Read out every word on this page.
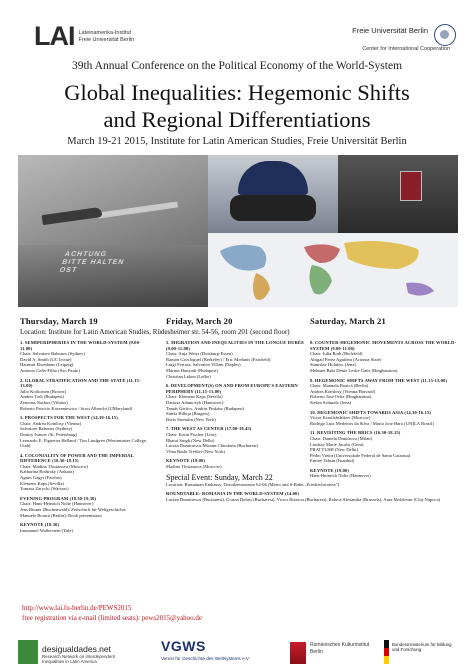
LAI Lateinamerika-Institut
Freie Universität Berlin
Freie Universität Berlin
Center for International Cooperation
39th Annual Conference on the Political Economy of the World-System
Global Inequalities: Hegemonic Shifts
and Regional Differentiations
March 19-21 2015, Institute for Latin American Studies, Freie Universität Berlin
ACHTUNG
BITTE HALTEN
OST
Thursday, March 19
Location: Institute for Latin American Studies, Rüdesheimer str. 54-56, room 201 (second floor)
1. SEMIPERIPHERIES IN THE WORLD-SYSTEM (9.00-11.00)
Chair: Salvatore Babones (Sydney)
David A. Smith (UC Irvine)
Hartmut Elsenhans (Leipzig)
Antonio Gelis-Filho (Sao Paulo)
2. GLOBAL STRATIFICATION AND THE STATE (11.15-13.00)
Julio Korkotsen (Brown)
Andres Toth (Budapest)
Zenonas Norkus (Vilnius)
Roberto Patricio Korzeniewicz / Scott Albrecht (UMaryland)
3. PROSPECTS FOR THE WEST (14.30-16.15)
Chair: Andrea Komlosy (Vienna)
Salvatore Babones (Sydney)
Dmitry Ivanov (St. Petersburg)
Leonardo E. Figueroa Helland / Tim Lindgren (Westminster College, Utah)
4. COLONIALITY OF POWER AND THE IMPERIAL DIFFERENCE (16.30-18.15)
Chair: Madina Tlostanova (Moscow)
Katharina Bodirsky (Ankara)
Agnes Gagyi (Fairfax)
Klemens Kaps (Sevilla)
Tomasz Zarycki (Warsaw)
EVENING PROGRAM (18.30-19.30)
Chair: Hans-Heinrich Nolte (Hannover)
Jens Binner (Buchenwald): Zeitschrift für Weltgeschichte
Manuela Boatcă (Berlin): Book presentation
KEYNOTE (19.30)
Immanuel Wallerstein (Yale)
Friday, March 20
5. MIGRATION AND INEQUALITIES IN THE LONGUE DURÉE (9.00-11.00)
Chair: Anja Weiss (Duisburg-Essen)
Ramón Grosfoguel (Berkeley) / Eric Mielants (Fairfield)
Luigi Ferrara, Salvatore Villani (Naples)
Márton Hunyadi (Budapest)
Christian Lekon (Lefke)
6. DEVELOPMENT(S) ON AND FROM EUROPE'S EASTERN PERIPHERY (11.15-13.00)
Chair: Klemens Kaps (Sevilla)
Dariusz Adamczyk (Hannover)
Tamás Gerőcs, András Pinkász (Budapest)
Siniša Bilbija (Rutgers)
Boris Stremlin (New York)
7. THE WEST AS CENTER (17.00-18.45)
Chair: Karin Fischer (Linz)
Bharat Singh (New Delhi)
Lucian Dumitrescu/Miriam Chiodarta (Bucharest)
Vilna Bashi Treitler (New York)
KEYNOTE (19.00)
Madina Tlostanova (Moscow)
Special Event: Sunday, March 22
Location: Romanian Embassy, Dorotheenstrasse 62-66 (Metro and S-Bahn „Friedrichstrasse")
ROUNDTABLE: ROMANIA IN THE WORLD-SYSTEM (14.00)
Lucian Dumitrescu (Bucharest), Corina Doboș (Bucharest), Victor Rizescu (Bucharest), Raluca Alexandra (Brussels), Aura Moldovan (Cluj-Napoca)
Saturday, March 21
8. COUNTER-HEGEMONIC MOVEMENTS ACROSS THE WORLD-SYSTEM (9.00-11.00)
Chair: Julia Roth (Bielefeld)
Abigail Perez Aguilera (Arizona State)
Stanislav Holubec (Jena)
Mehmet Baki Deniz Leslie Gatts (Binghamton)
9. HEGEMONIC SHIFTS AWAY FROM THE WEST (11.15-13.00)
Chair: Manuela Boatcă (Berlin)
Andrea Komlosy (Vienna/Harvard)
Roberto José Ortiz (Binghamton)
Stefan Schmalz (Jena)
10. HEGEMONIC SHIFTS TOWARDS ASIA (14.30-16.15)
Victor Krasilshchikov (Moscow)
Rodrigo Luiz Medeiros da Silva / Maria Jose Haro (UNILA Brazil)
11. REVISITING THE BRICS (16.30-18.15)
Chair: Daniela Dimitrova (Milan)
Lindsay Marie Jacobs (Gent)
PRATYUSH (New Delhi)
Pedro Vieira (Universidade Federal de Santa Catarina)
Emine Tahsin (Istanbul)
KEYNOTE (19.00)
Hans-Heinrich Nolte (Hannover)
http://www.lai.fu-berlin.de/PEWS2015
free registration via e-mail (limited seats): pews2015@yahoo.de
desigualdades.net
Research Network on Interdependent Inequalities in Latin America
VGWS
Verein für Geschichte des Weltsystems e.V.
Rumänisches Kulturinstitut Berlin
Bundesministerium für Bildung und Forschung
